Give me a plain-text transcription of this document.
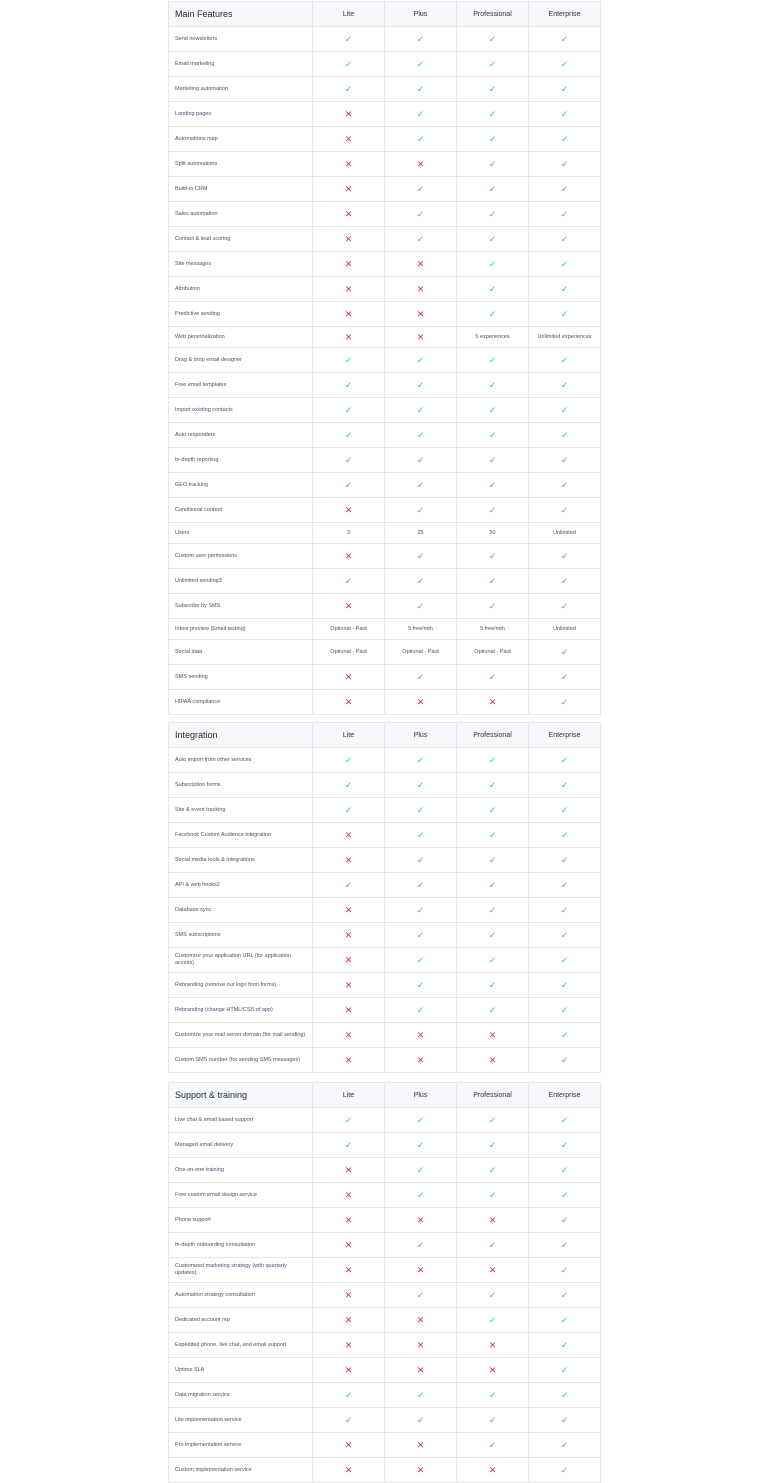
Main Features	Lite	Plus	Professional	Enterprise
Send newsletters	✓	✓	✓	✓
Email marketing	✓	✓	✓	✓
Marketing automation	✓	✓	✓	✓
Landing pages	✕	✓	✓	✓
Automations map	✕	✓	✓	✓
Split automations	✕	✕	✓	✓
Build-in CRM	✕	✓	✓	✓
Sales automation	✕	✓	✓	✓
Contact & lead scoring	✕	✓	✓	✓
Site messages	✕	✕	✓	✓
Attribution	✕	✕	✓	✓
Predictive sending	✕	✕	✓	✓
Web personalization	✕	✕	5 experiences	Unlimited experiences
Drag & drop email designer	✓	✓	✓	✓
Free email templates	✓	✓	✓	✓
Import existing contacts	✓	✓	✓	✓
Auto responders	✓	✓	✓	✓
In-depth reporting	✓	✓	✓	✓
GEO tracking	✓	✓	✓	✓
Conditional content	✕	✓	✓	✓
Users	3	25	50	Unlimited
Custom user permissions	✕	✓	✓	✓
Unlimited sending3	✓	✓	✓	✓
Subscribe by SMS	✕	✓	✓	✓
Inbox preview (Email testing)	Optional - Paid	5 free/mth	5 free/mth	Unlimited
Social data	Optional - Paid	Optional - Paid	Optional - Paid	✓
SMS sending	✕	✓	✓	✓
HIPAA compliance	✕	✕	✕	✓
Integration	Lite	Plus	Professional	Enterprise
Auto import from other services	✓	✓	✓	✓
Subscription forms	✓	✓	✓	✓
Site & event tracking	✓	✓	✓	✓
Facebook Custom Audience integration	✕	✓	✓	✓
Social media tools & integrations	✕	✓	✓	✓
API & web hooks2	✓	✓	✓	✓
Database sync	✕	✓	✓	✓
SMS subscriptions	✕	✓	✓	✓
Customize your application URL (for application access)	✕	✓	✓	✓
Rebranding (remove our logo from forms)	✕	✓	✓	✓
Rebranding (change HTML/CSS of app)	✕	✓	✓	✓
Customize your mail server domain (for mail sending)	✕	✕	✕	✓
Custom SMS number (for sending SMS messages)	✕	✕	✕	✓
Support & training	Lite	Plus	Professional	Enterprise
Live chat & email based support	✓	✓	✓	✓
Managed email delivery	✓	✓	✓	✓
One-on-one training	✕	✓	✓	✓
Free custom email design service	✕	✓	✓	✓
Phone support	✕	✕	✕	✓
In-depth onboarding consultation	✕	✓	✓	✓
Customized marketing strategy (with quarterly updates)	✕	✕	✕	✓
Automation strategy consultation	✕	✓	✓	✓
Dedicated account rep	✕	✕	✓	✓
Expedited phone, live chat, and email support	✕	✕	✕	✓
Uptime SLA	✕	✕	✕	✓
Data migration service	✓	✓	✓	✓
Lite implementation service	✓	✓	✓	✓
Pro implementation service	✕	✕	✓	✓
Custom implementation service	✕	✕	✕	✓
